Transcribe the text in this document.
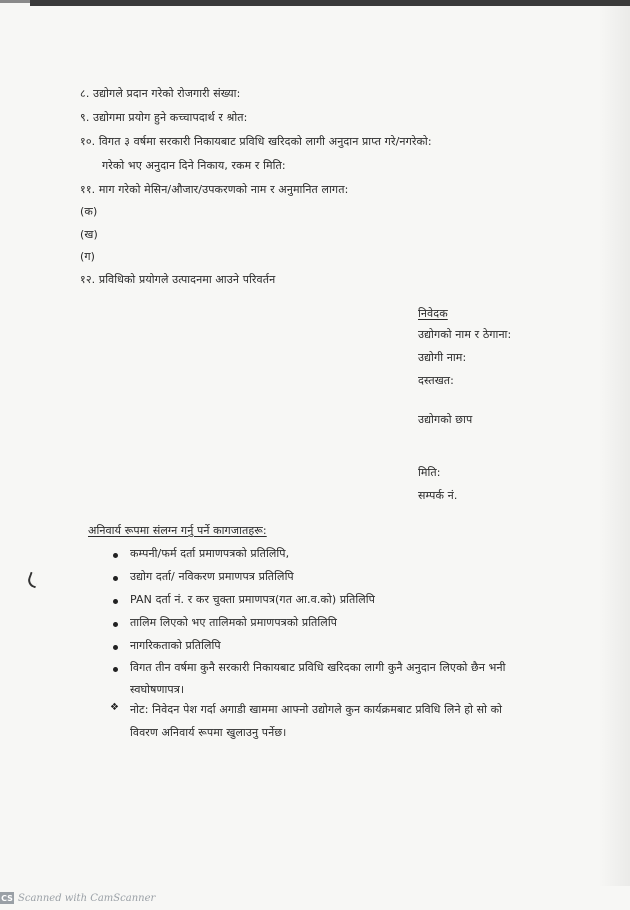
८. उद्योगले प्रदान गरेको रोजगारी संख्या:
९. उद्योगमा प्रयोग हुने कच्चापदार्थ र श्रोत:
१०. विगत ३ वर्षमा सरकारी निकायबाट प्रविधि खरिदको लागी अनुदान प्राप्त गरे/नगरेको:
गरेको भए अनुदान दिने निकाय, रकम र मिति:
११. माग गरेको मेसिन/औजार/उपकरणको नाम र अनुमानित लागत:
(क)
(ख)
(ग)
१२. प्रविधिको प्रयोगले उत्पादनमा आउने परिवर्तन
निवेदक
उद्योगको नाम र ठेगाना:
उद्योगी नाम:
दस्तखत:
उद्योगको छाप
मिति:
सम्पर्क नं.
अनिवार्य रूपमा संलग्न गर्नु पर्ने कागजातहरू:
कम्पनी/फर्म दर्ता प्रमाणपत्रको प्रतिलिपि,
उद्योग दर्ता/ नविकरण प्रमाणपत्र प्रतिलिपि
PAN दर्ता नं. र कर चुक्ता प्रमाणपत्र(गत आ.व.को) प्रतिलिपि
तालिम लिएको भए तालिमको प्रमाणपत्रको प्रतिलिपि
नागरिकताको प्रतिलिपि
विगत तीन वर्षमा कुनै सरकारी निकायबाट प्रविधि खरिदका लागी कुनै अनुदान लिएको छैन भनी
स्वघोषणापत्र।
❖ नोट: निवेदन पेश गर्दा अगाडी खाममा आफ्नो उद्योगले कुन कार्यक्रमबाट प्रविधि लिने हो सो को
विवरण अनिवार्य रूपमा खुलाउनु पर्नेछ।
CS Scanned with CamScanner
